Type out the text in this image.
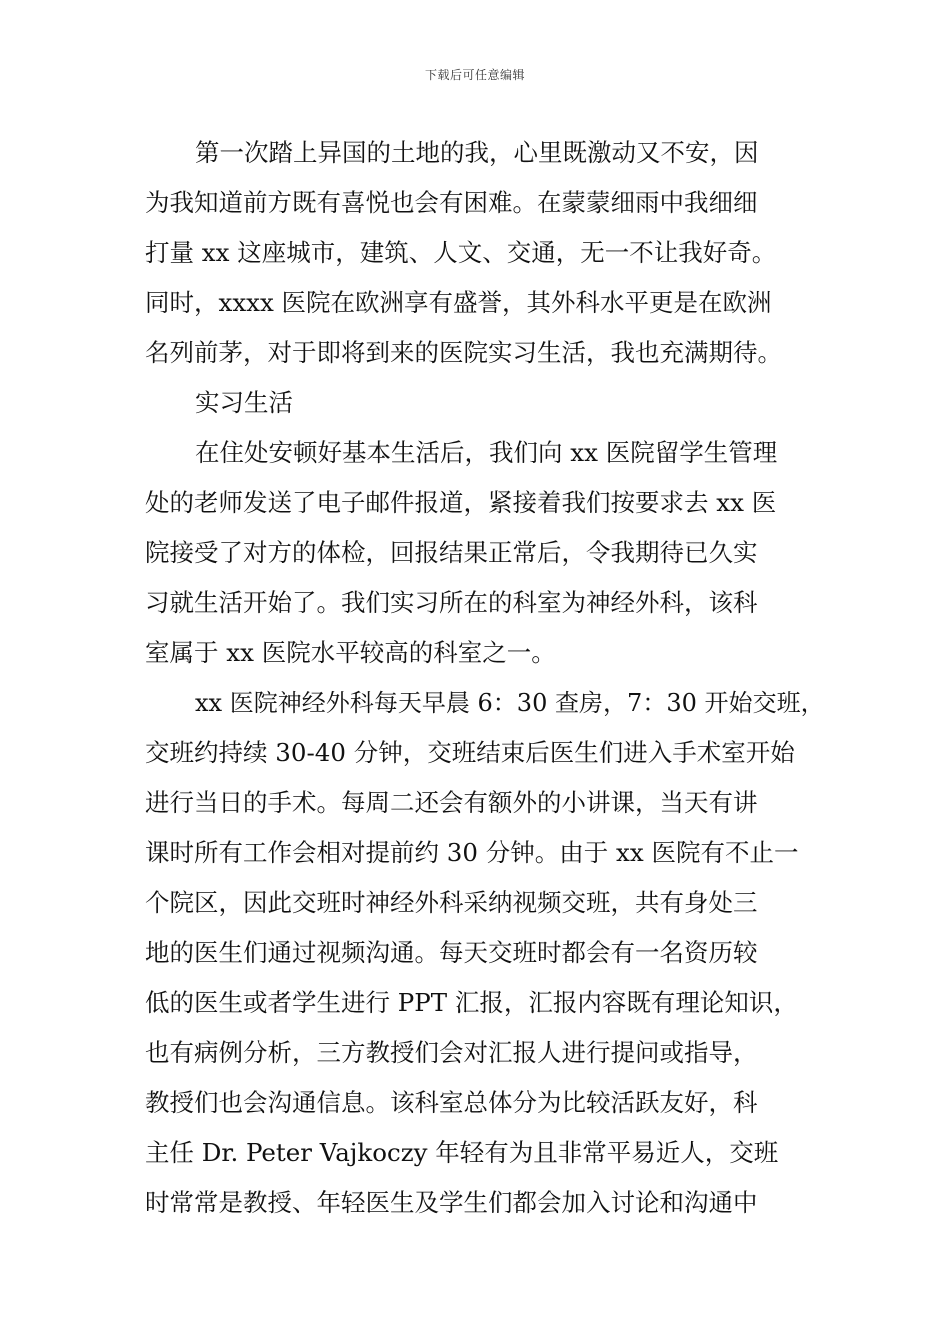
下载后可任意编辑
第一次踏上异国的土地的我，心里既激动又不安，因
为我知道前方既有喜悦也会有困难。在蒙蒙细雨中我细细
打量 xx 这座城市，建筑、人文、交通，无一不让我好奇。
同时，xxxx 医院在欧洲享有盛誉，其外科水平更是在欧洲
名列前茅，对于即将到来的医院实习生活，我也充满期待。
实习生活
在住处安顿好基本生活后，我们向 xx 医院留学生管理
处的老师发送了电子邮件报道，紧接着我们按要求去 xx 医
院接受了对方的体检，回报结果正常后，令我期待已久实
习就生活开始了。我们实习所在的科室为神经外科，该科
室属于 xx 医院水平较高的科室之一。
xx 医院神经外科每天早晨 6：30 查房，7：30 开始交班，
交班约持续 30-40 分钟，交班结束后医生们进入手术室开始
进行当日的手术。每周二还会有额外的小讲课，当天有讲
课时所有工作会相对提前约 30 分钟。由于 xx 医院有不止一
个院区，因此交班时神经外科采纳视频交班，共有身处三
地的医生们通过视频沟通。每天交班时都会有一名资历较
低的医生或者学生进行 PPT 汇报，汇报内容既有理论知识，
也有病例分析，三方教授们会对汇报人进行提问或指导，
教授们也会沟通信息。该科室总体分为比较活跃友好，科
主任 Dr. Peter Vajkoczy 年轻有为且非常平易近人，交班
时常常是教授、年轻医生及学生们都会加入讨论和沟通中
